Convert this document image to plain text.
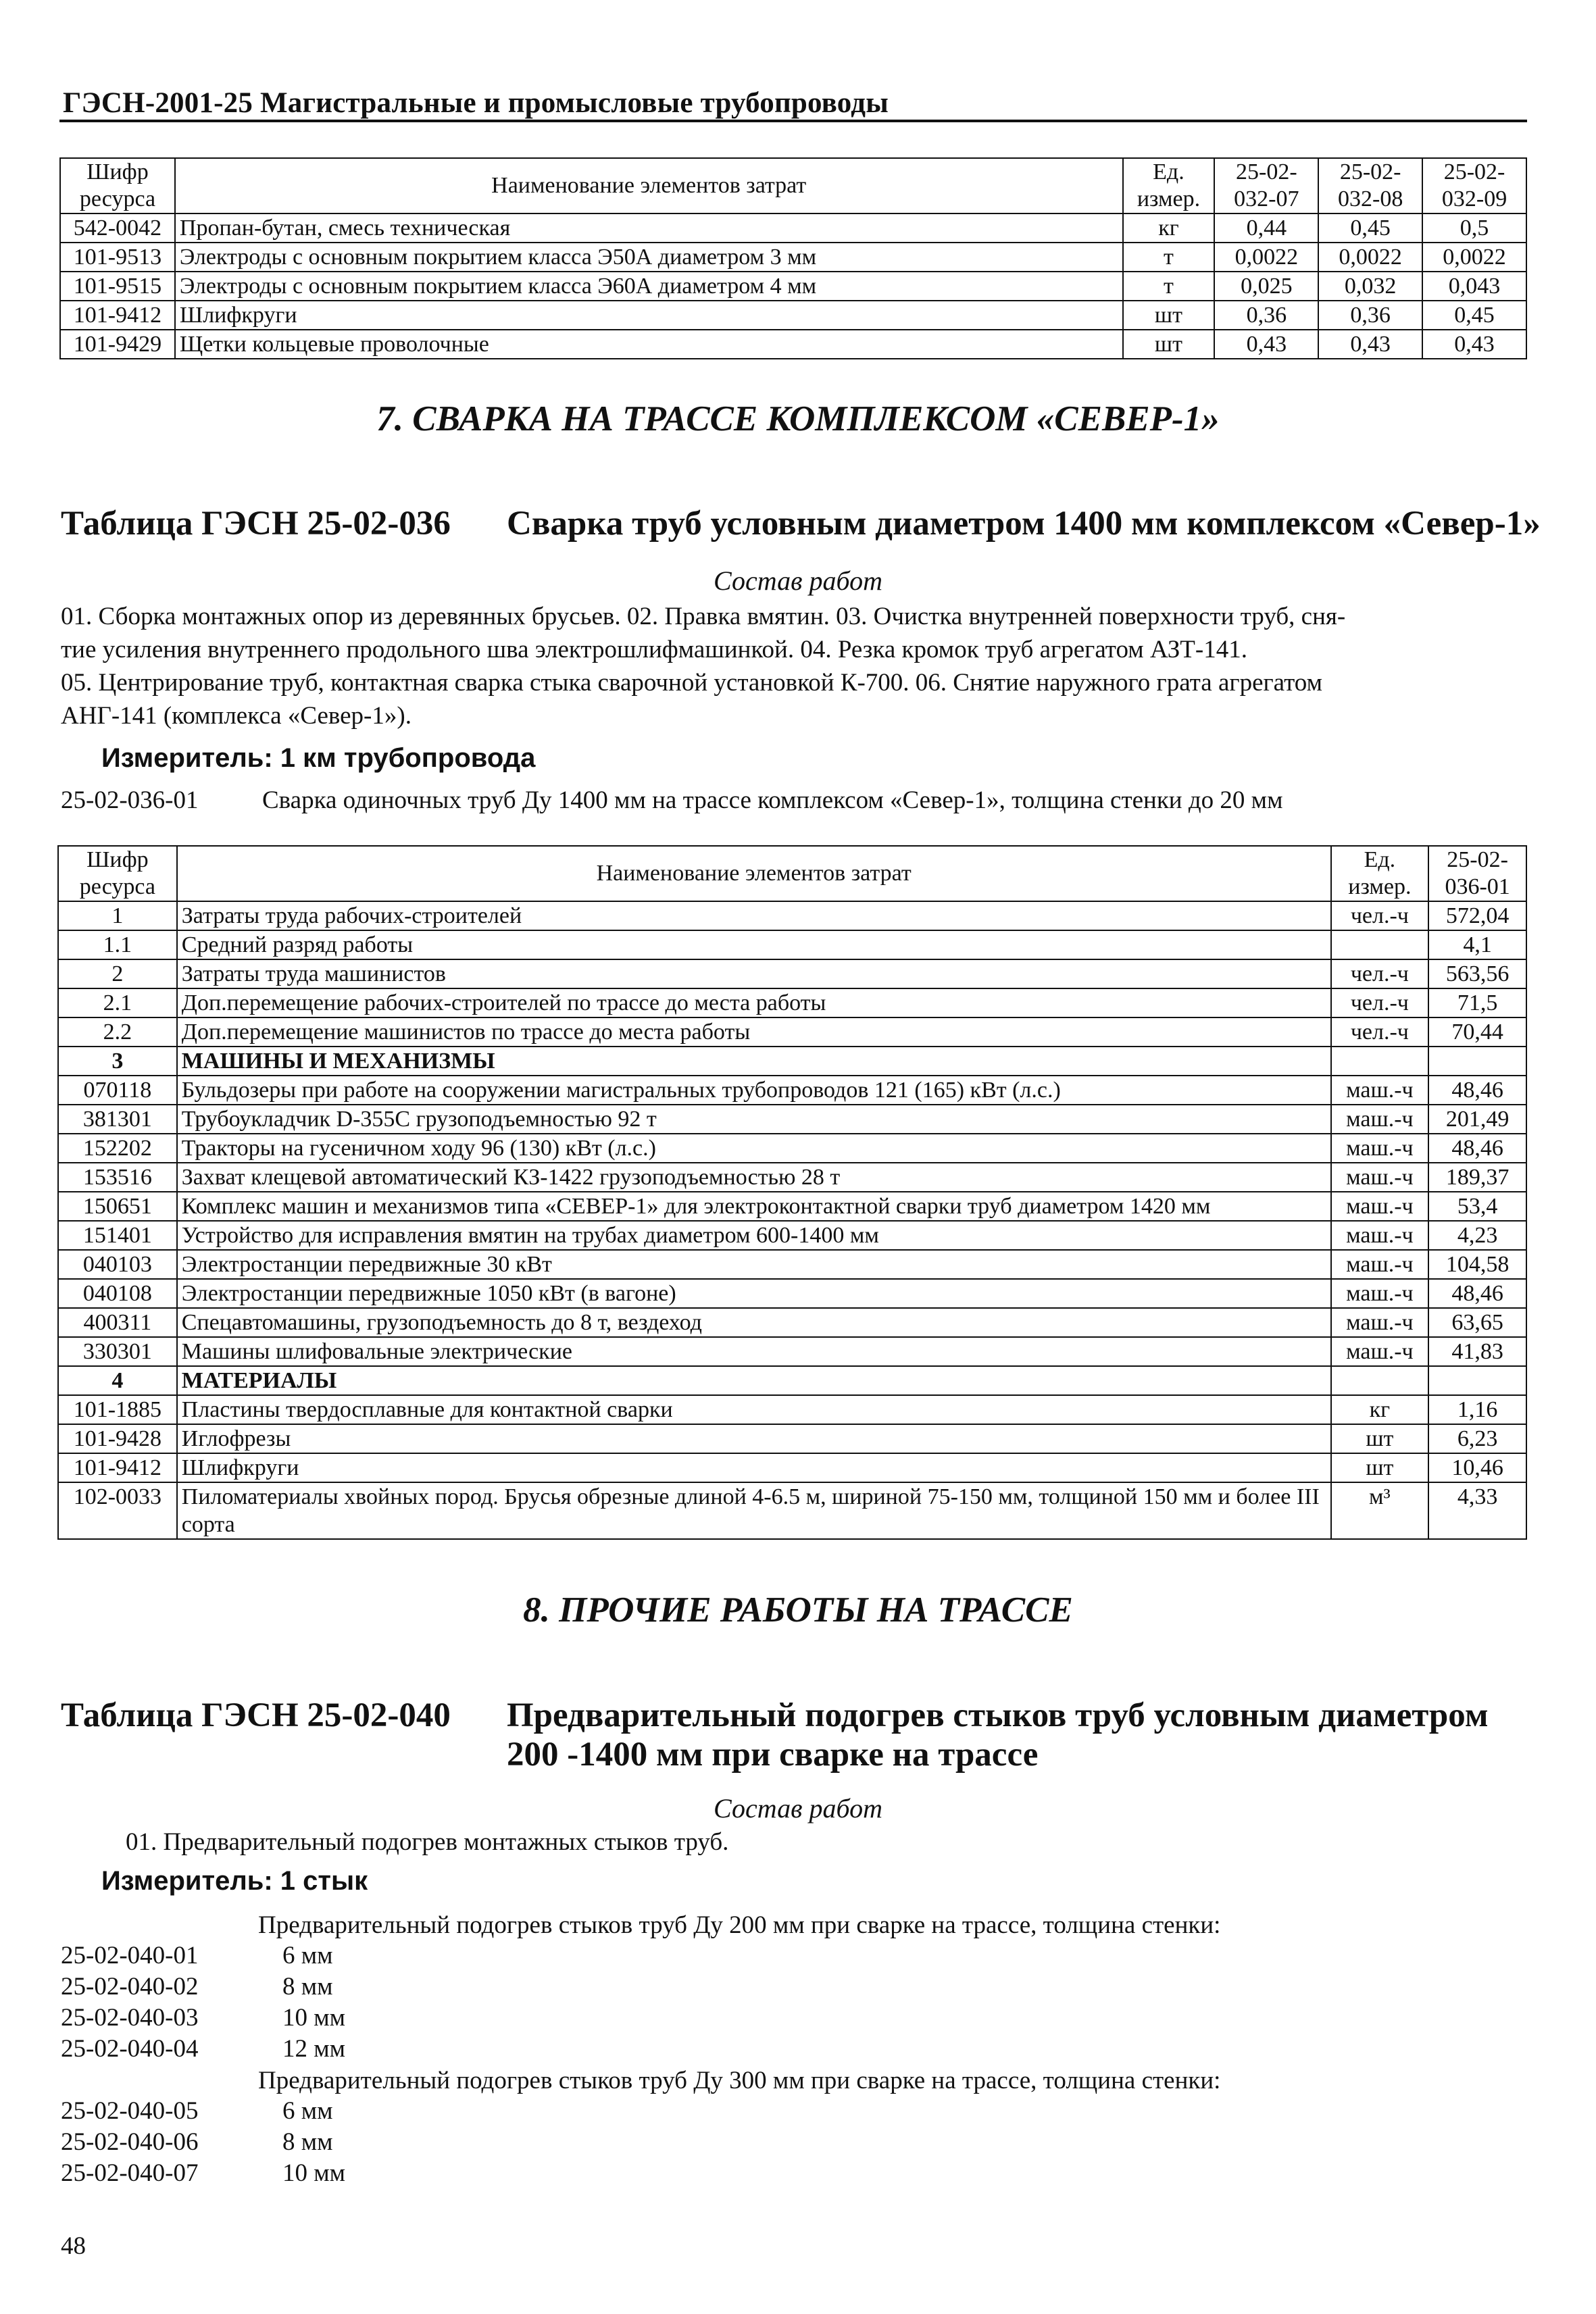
ГЭСН-2001-25 Магистральные и промысловые трубопроводы
Шифр ресурса	Наименование элементов затрат	Ед. измер.	25-02-032-07	25-02-032-08	25-02-032-09
542-0042	Пропан-бутан, смесь техническая	кг	0,44	0,45	0,5
101-9513	Электроды с основным покрытием класса Э50А диаметром 3 мм	т	0,0022	0,0022	0,0022
101-9515	Электроды с основным покрытием класса Э60А диаметром 4 мм	т	0,025	0,032	0,043
101-9412	Шлифкруги	шт	0,36	0,36	0,45
101-9429	Щетки кольцевые проволочные	шт	0,43	0,43	0,43
7. СВАРКА НА ТРАССЕ КОМПЛЕКСОМ «СЕВЕР-1»
Таблица ГЭСН 25-02-036 Сварка труб условным диаметром 1400 мм комплексом «Север-1»
Состав работ
01. Сборка монтажных опор из деревянных брусьев. 02. Правка вмятин. 03. Очистка внутренней поверхности труб, сня-
тие усиления внутреннего продольного шва электрошлифмашинкой. 04. Резка кромок труб агрегатом АЗТ-141.
05. Центрирование труб, контактная сварка стыка сварочной установкой К-700. 06. Снятие наружного грата агрегатом
АНГ-141 (комплекса «Север-1»).
Измеритель: 1 км трубопровода
25-02-036-01	Сварка одиночных труб Ду 1400 мм на трассе комплексом «Север-1», толщина стенки до 20 мм
Шифр ресурса	Наименование элементов затрат	Ед. измер.	25-02-036-01
1	Затраты труда рабочих-строителей	чел.-ч	572,04
1.1	Средний разряд работы		4,1
2	Затраты труда машинистов	чел.-ч	563,56
2.1	Доп.перемещение рабочих-строителей по трассе до места работы	чел.-ч	71,5
2.2	Доп.перемещение машинистов по трассе до места работы	чел.-ч	70,44
3	МАШИНЫ И МЕХАНИЗМЫ		
070118	Бульдозеры при работе на сооружении магистральных трубопроводов 121 (165) кВт (л.с.)	маш.-ч	48,46
381301	Трубоукладчик D-355С грузоподъемностью 92 т	маш.-ч	201,49
152202	Тракторы на гусеничном ходу 96 (130) кВт (л.с.)	маш.-ч	48,46
153516	Захват клещевой автоматический КЗ-1422 грузоподъемностью 28 т	маш.-ч	189,37
150651	Комплекс машин и механизмов типа «СЕВЕР-1» для электроконтактной сварки труб диаметром 1420 мм	маш.-ч	53,4
151401	Устройство для исправления вмятин на трубах диаметром 600-1400 мм	маш.-ч	4,23
040103	Электростанции передвижные 30 кВт	маш.-ч	104,58
040108	Электростанции передвижные 1050 кВт (в вагоне)	маш.-ч	48,46
400311	Спецавтомашины, грузоподъемность до 8 т, вездеход	маш.-ч	63,65
330301	Машины шлифовальные электрические	маш.-ч	41,83
4	МАТЕРИАЛЫ		
101-1885	Пластины твердосплавные для контактной сварки	кг	1,16
101-9428	Иглофрезы	шт	6,23
101-9412	Шлифкруги	шт	10,46
102-0033	Пиломатериалы хвойных пород. Брусья обрезные длиной 4-6.5 м, шириной 75-150 мм, толщиной 150 мм и более III сорта	м³	4,33
8. ПРОЧИЕ РАБОТЫ НА ТРАССЕ
Таблица ГЭСН 25-02-040 Предварительный подогрев стыков труб условным диаметром
200 -1400 мм при сварке на трассе
Состав работ
01. Предварительный подогрев монтажных стыков труб.
Измеритель: 1 стык
Предварительный подогрев стыков труб Ду 200 мм при сварке на трассе, толщина стенки:
25-02-040-01	6 мм
25-02-040-02	8 мм
25-02-040-03	10 мм
25-02-040-04	12 мм
Предварительный подогрев стыков труб Ду 300 мм при сварке на трассе, толщина стенки:
25-02-040-05	6 мм
25-02-040-06	8 мм
25-02-040-07	10 мм
48
